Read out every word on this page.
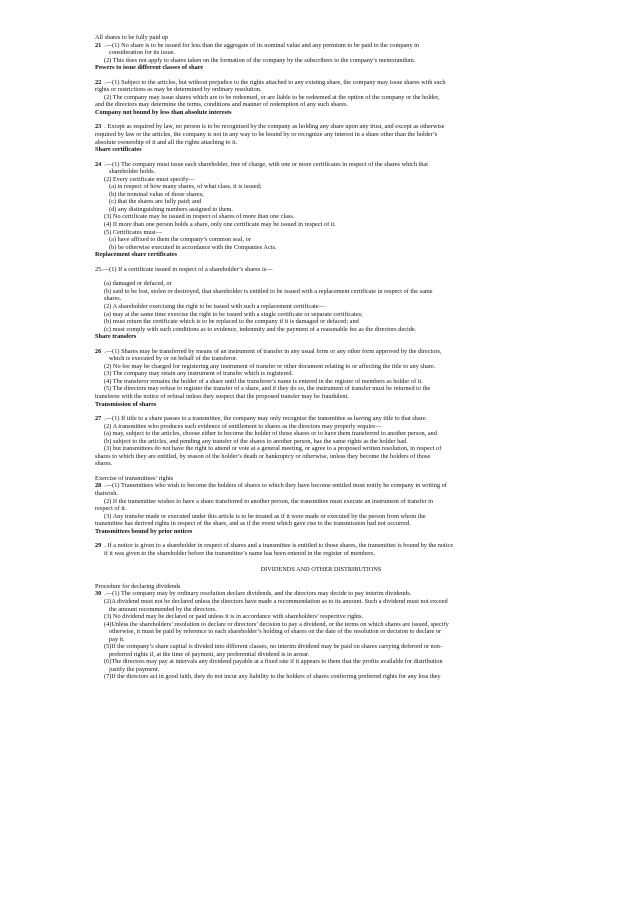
All shares to be fully paid up
21 .—(1) No share is to be issued for less than the aggregate of its nominal value and any premium to be paid to the company in
consideration for its issue.
(2) This does not apply to shares taken on the formation of the company by the subscribers to the company’s memorandum.
Powers to issue different classes of share
22 .—(1) Subject to the articles, but without prejudice to the rights attached to any existing share, the company may issue shares with such
rights or restrictions as may be determined by ordinary resolution.
(2) The company may issue shares which are to be redeemed, or are liable to be redeemed at the option of the company or the holder,
and the directors may determine the terms, conditions and manner of redemption of any such shares.
Company not bound by less than absolute interests
23 . Except as required by law, no person is to be recognised by the company as holding any share upon any trust, and except as otherwise
required by law or the articles, the company is not in any way to be bound by or recognize any interest in a share other than the holder’s
absolute ownership of it and all the rights attaching to it.
Share certificates
24 .—(1) The company must issue each shareholder, free of charge, with one or more certificates in respect of the shares which that
shareholder holds.
(2) Every certificate must specify—
(a) in respect of how many shares, of what class, it is issued;
(b) the nominal value of those shares;
(c) that the shares are fully paid; and
(d) any distinguishing numbers assigned to them.
(3) No certificate may be issued in respect of shares of more than one class.
(4) If more than one person holds a share, only one certificate may be issued in respect of it.
(5) Certificates must—
(a) have affixed to them the company’s common seal, or
(b) be otherwise executed in accordance with the Companies Acts.
Replacement share certificates
25.—(1) If a certificate issued in respect of a shareholder’s shares is—
(a) damaged or defaced, or
(b) said to be lost, stolen or destroyed, that shareholder is entitled to be issued with a replacement certificate in respect of the same
shares.
(2) A shareholder exercising the right to be issued with such a replacement certificate—
(a) may at the same time exercise the right to be issued with a single certificate or separate certificates;
(b) must return the certificate which is to be replaced to the company if it is damaged or defaced; and
(c) must comply with such conditions as to evidence, indemnity and the payment of a reasonable fee as the directors decide.
Share transfers
26 .—(1) Shares may be transferred by means of an instrument of transfer in any usual form or any other form approved by the directors,
which is executed by or on behalf of the transferor.
(2) No fee may be charged for registering any instrument of transfer or other document relating to or affecting the title to any share.
(3) The company may retain any instrument of transfer which is registered.
(4) The transferor remains the holder of a share until the transferee’s name is entered in the register of members as holder of it.
(5) The directors may refuse to register the transfer of a share, and if they do so, the instrument of transfer must be returned to the
transferee with the notice of refusal unless they suspect that the proposed transfer may be fraudulent.
Transmission of shares
27 .—(1) If title to a share passes to a transmittee, the company may only recognise the transmittee as having any title to that share.
(2) A transmittee who produces such evidence of entitlement to shares as the directors may properly require—
(a) may, subject to the articles, choose either to become the holder of those shares or to have them transferred to another person, and
(b) subject to the articles, and pending any transfer of the shares to another person, has the same rights as the holder had.
(3) but transmittees do not have the right to attend or vote at a general meeting, or agree to a proposed written resolution, in respect of
shares to which they are entitled, by reason of the holder’s death or bankruptcy or otherwise, unless they become the holders of those
shares.
Exercise of transmittees’ rights
28 .—(1) Transmittees who wish to become the holders of shares to which they have become entitled must notify he company in writing of
thatwish.
(2) If the transmittee wishes to have a share transferred to another person, the transmittee must execute an instrument of transfer in
respect of it.
(3) Any transfer made or executed under this article is to be treated as if it were made or executed by the person from whom the
transmittee has derived rights in respect of the share, and as if the event which gave rise to the transmission had not occurred.
Transmittees bound by prior notices
29 . If a notice is given to a shareholder in respect of shares and a transmittee is entitled to those shares, the transmittee is bound by the notice
if it was given to the shareholder before the transmittee’s name has been entered in the register of members.
DIVIDENDS AND OTHER DISTRIBUTIONS
Procedure for declaring dividends
30 .—(1) The company may by ordinary resolution declare dividends, and the directors may decide to pay interim dividends.
(2)A dividend must not be declared unless the directors have made a recommendation as to its amount. Such a dividend must not exceed
the amount recommended by the directors.
(3) No dividend may be declared or paid unless it is in accordance with shareholders’ respective rights.
(4)Unless the shareholders’ resolution to declare or directors’ decision to pay a dividend, or the terms on which shares are issued, specify
otherwise, it must be paid by reference to each shareholder’s holding of shares on the date of the resolution or decision to declare or
pay it.
(5)If the company’s share capital is divided into different classes, no interim dividend may be paid on shares carrying deferred or non-
preferred rights if, at the time of payment, any preferential dividend is in arrear.
(6)The directors may pay at intervals any dividend payable at a fixed rate if it appears to them that the profits available for distribution
justify the payment.
(7)If the directors act in good faith, they do not incur any liability to the holders of shares conferring preferred rights for any loss they
